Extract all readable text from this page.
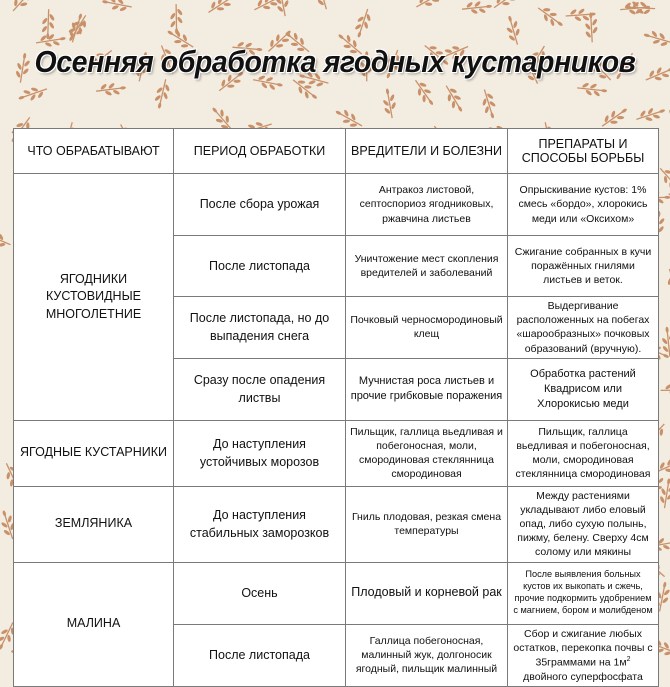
Осенняя обработка ягодных кустарников
ЧТО ОБРАБАТЫВАЮТ	ПЕРИОД ОБРАБОТКИ	ВРЕДИТЕЛИ И БОЛЕЗНИ	ПРЕПАРАТЫ И СПОСОБЫ БОРЬБЫ
ЯГОДНИКИ КУСТОВИДНЫЕ МНОГОЛЕТНИЕ	После сбора урожая	Антракоз листовой, септоспориоз ягодниковых, ржавчина листьев	Опрыскивание кустов: 1% смесь «бордо», хлорокись меди или «Оксихом»
	После листопада	Уничтожение мест скопления вредителей и заболеваний	Сжигание собранных в кучи поражённых гнилями листьев и веток.
	После листопада, но до выпадения снега	Почковый черносмородиновый клещ	Выдергивание расположенных на побегах «шарообразных» почковых образований (вручную).
	Сразу после опадения листвы	Мучнистая роса листьев и прочие грибковые поражения	Обработка растений Квадрисом или Хлорокисью меди
ЯГОДНЫЕ КУСТАРНИКИ	До наступления устойчивых морозов	Пильщик, галлица вьедливая и побегоносная, моли, смородиновая стеклянница смородиновая	Пильщик, галлица вьедливая и побегоносная, моли, смородиновая стеклянница смородиновая
ЗЕМЛЯНИКА	До наступления стабильных заморозков	Гниль плодовая, резкая смена температуры	Между растениями укладывают либо еловый опад, либо сухую полынь, пижму, белену. Сверху 4см солому или мякины
МАЛИНА	Осень	Плодовый и корневой рак	После выявления больных кустов их выкопать и сжечь, прочие подкормить удобрением с магнием, бором и молибденом
	После листопада	Галлица побегоносная, малинный жук, долгоносик ягодный, пильщик малинный	Сбор и сжигание любых остатков, перекопка почвы с 35граммами на $1м^2$ двойного суперфосфата
